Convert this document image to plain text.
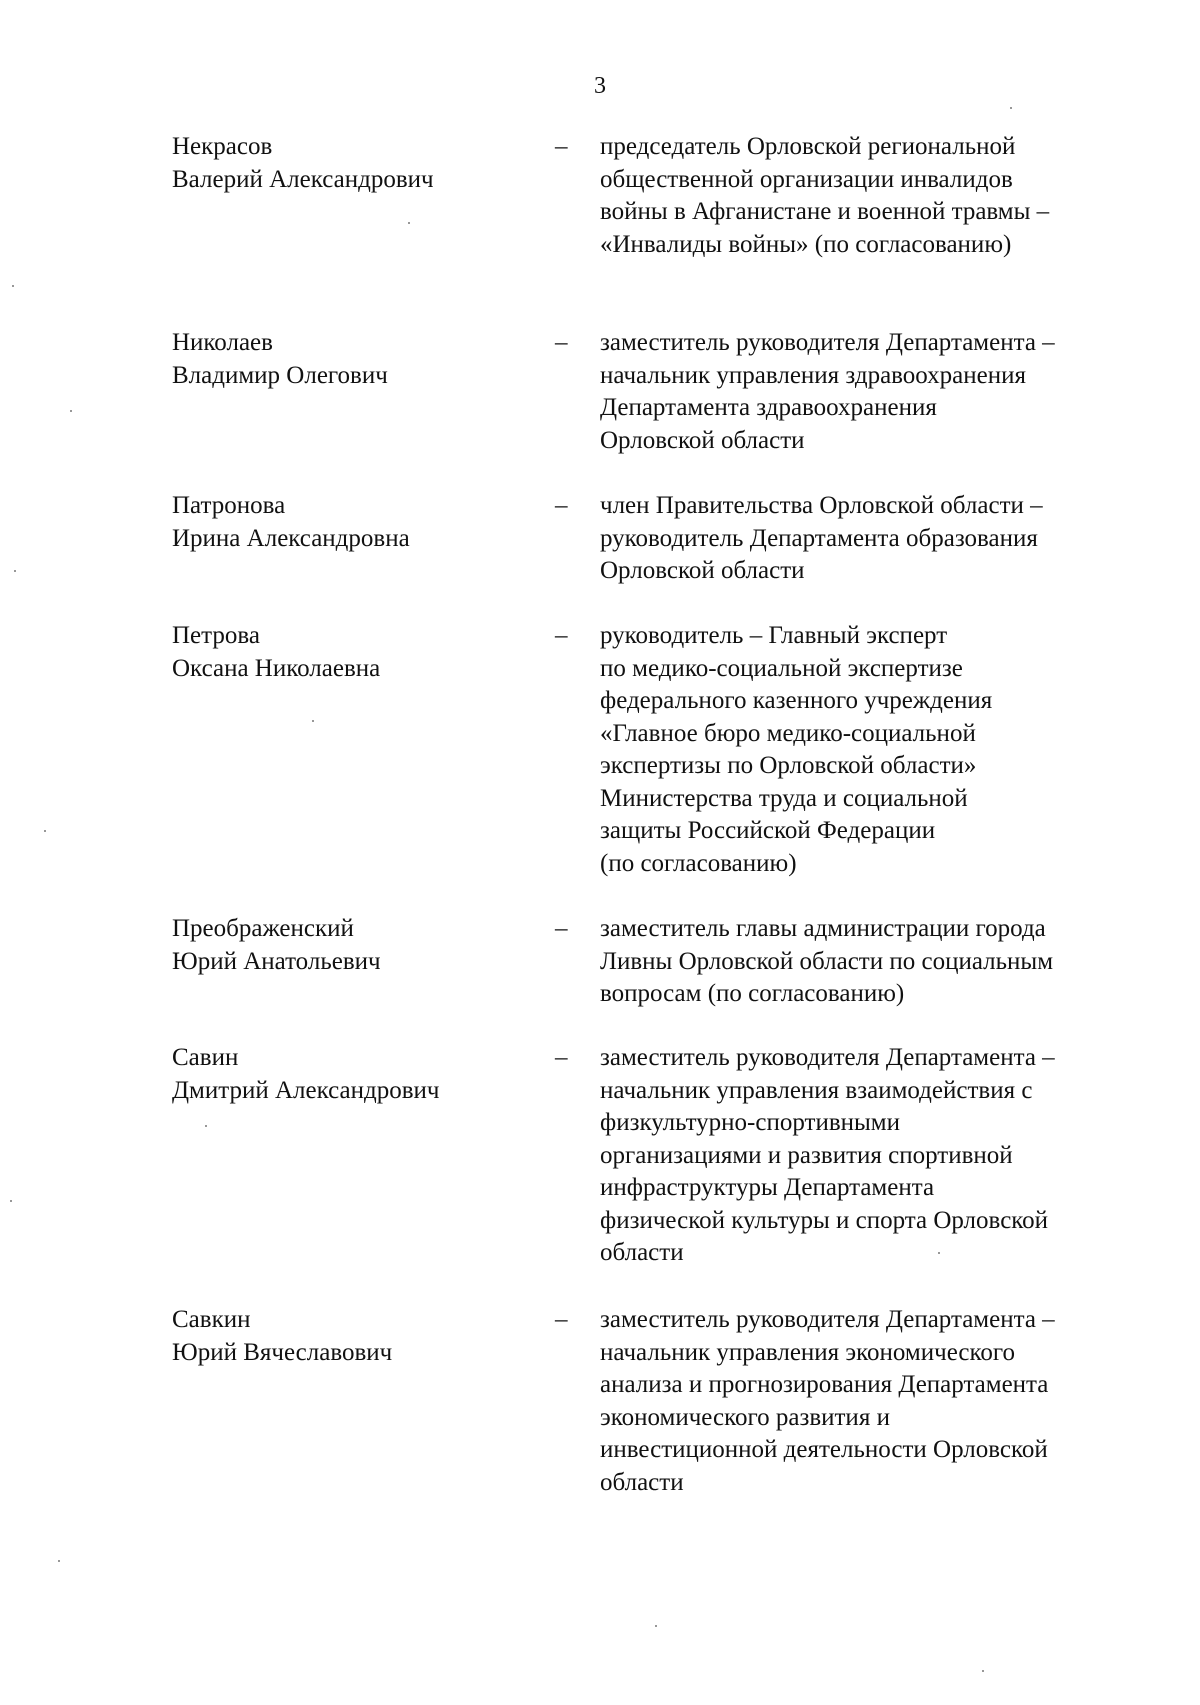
3
Некрасов
Валерий Александрович
– председатель Орловской региональной
общественной организации инвалидов
войны в Афганистане и военной травмы –
«Инвалиды войны» (по согласованию)
Николаев
Владимир Олегович
– заместитель руководителя Департамента –
начальник управления здравоохранения
Департамента здравоохранения
Орловской области
Патронова
Ирина Александровна
– член Правительства Орловской области –
руководитель Департамента образования
Орловской области
Петрова
Оксана Николаевна
– руководитель – Главный эксперт
по медико-социальной экспертизе
федерального казенного учреждения
«Главное бюро медико-социальной
экспертизы по Орловской области»
Министерства труда и социальной
защиты Российской Федерации
(по согласованию)
Преображенский
Юрий Анатольевич
– заместитель главы администрации города
Ливны Орловской области по социальным
вопросам (по согласованию)
Савин
Дмитрий Александрович
– заместитель руководителя Департамента –
начальник управления взаимодействия с
физкультурно-спортивными
организациями и развития спортивной
инфраструктуры Департамента
физической культуры и спорта Орловской
области
Савкин
Юрий Вячеславович
– заместитель руководителя Департамента –
начальник управления экономического
анализа и прогнозирования Департамента
экономического развития и
инвестиционной деятельности Орловской
области
